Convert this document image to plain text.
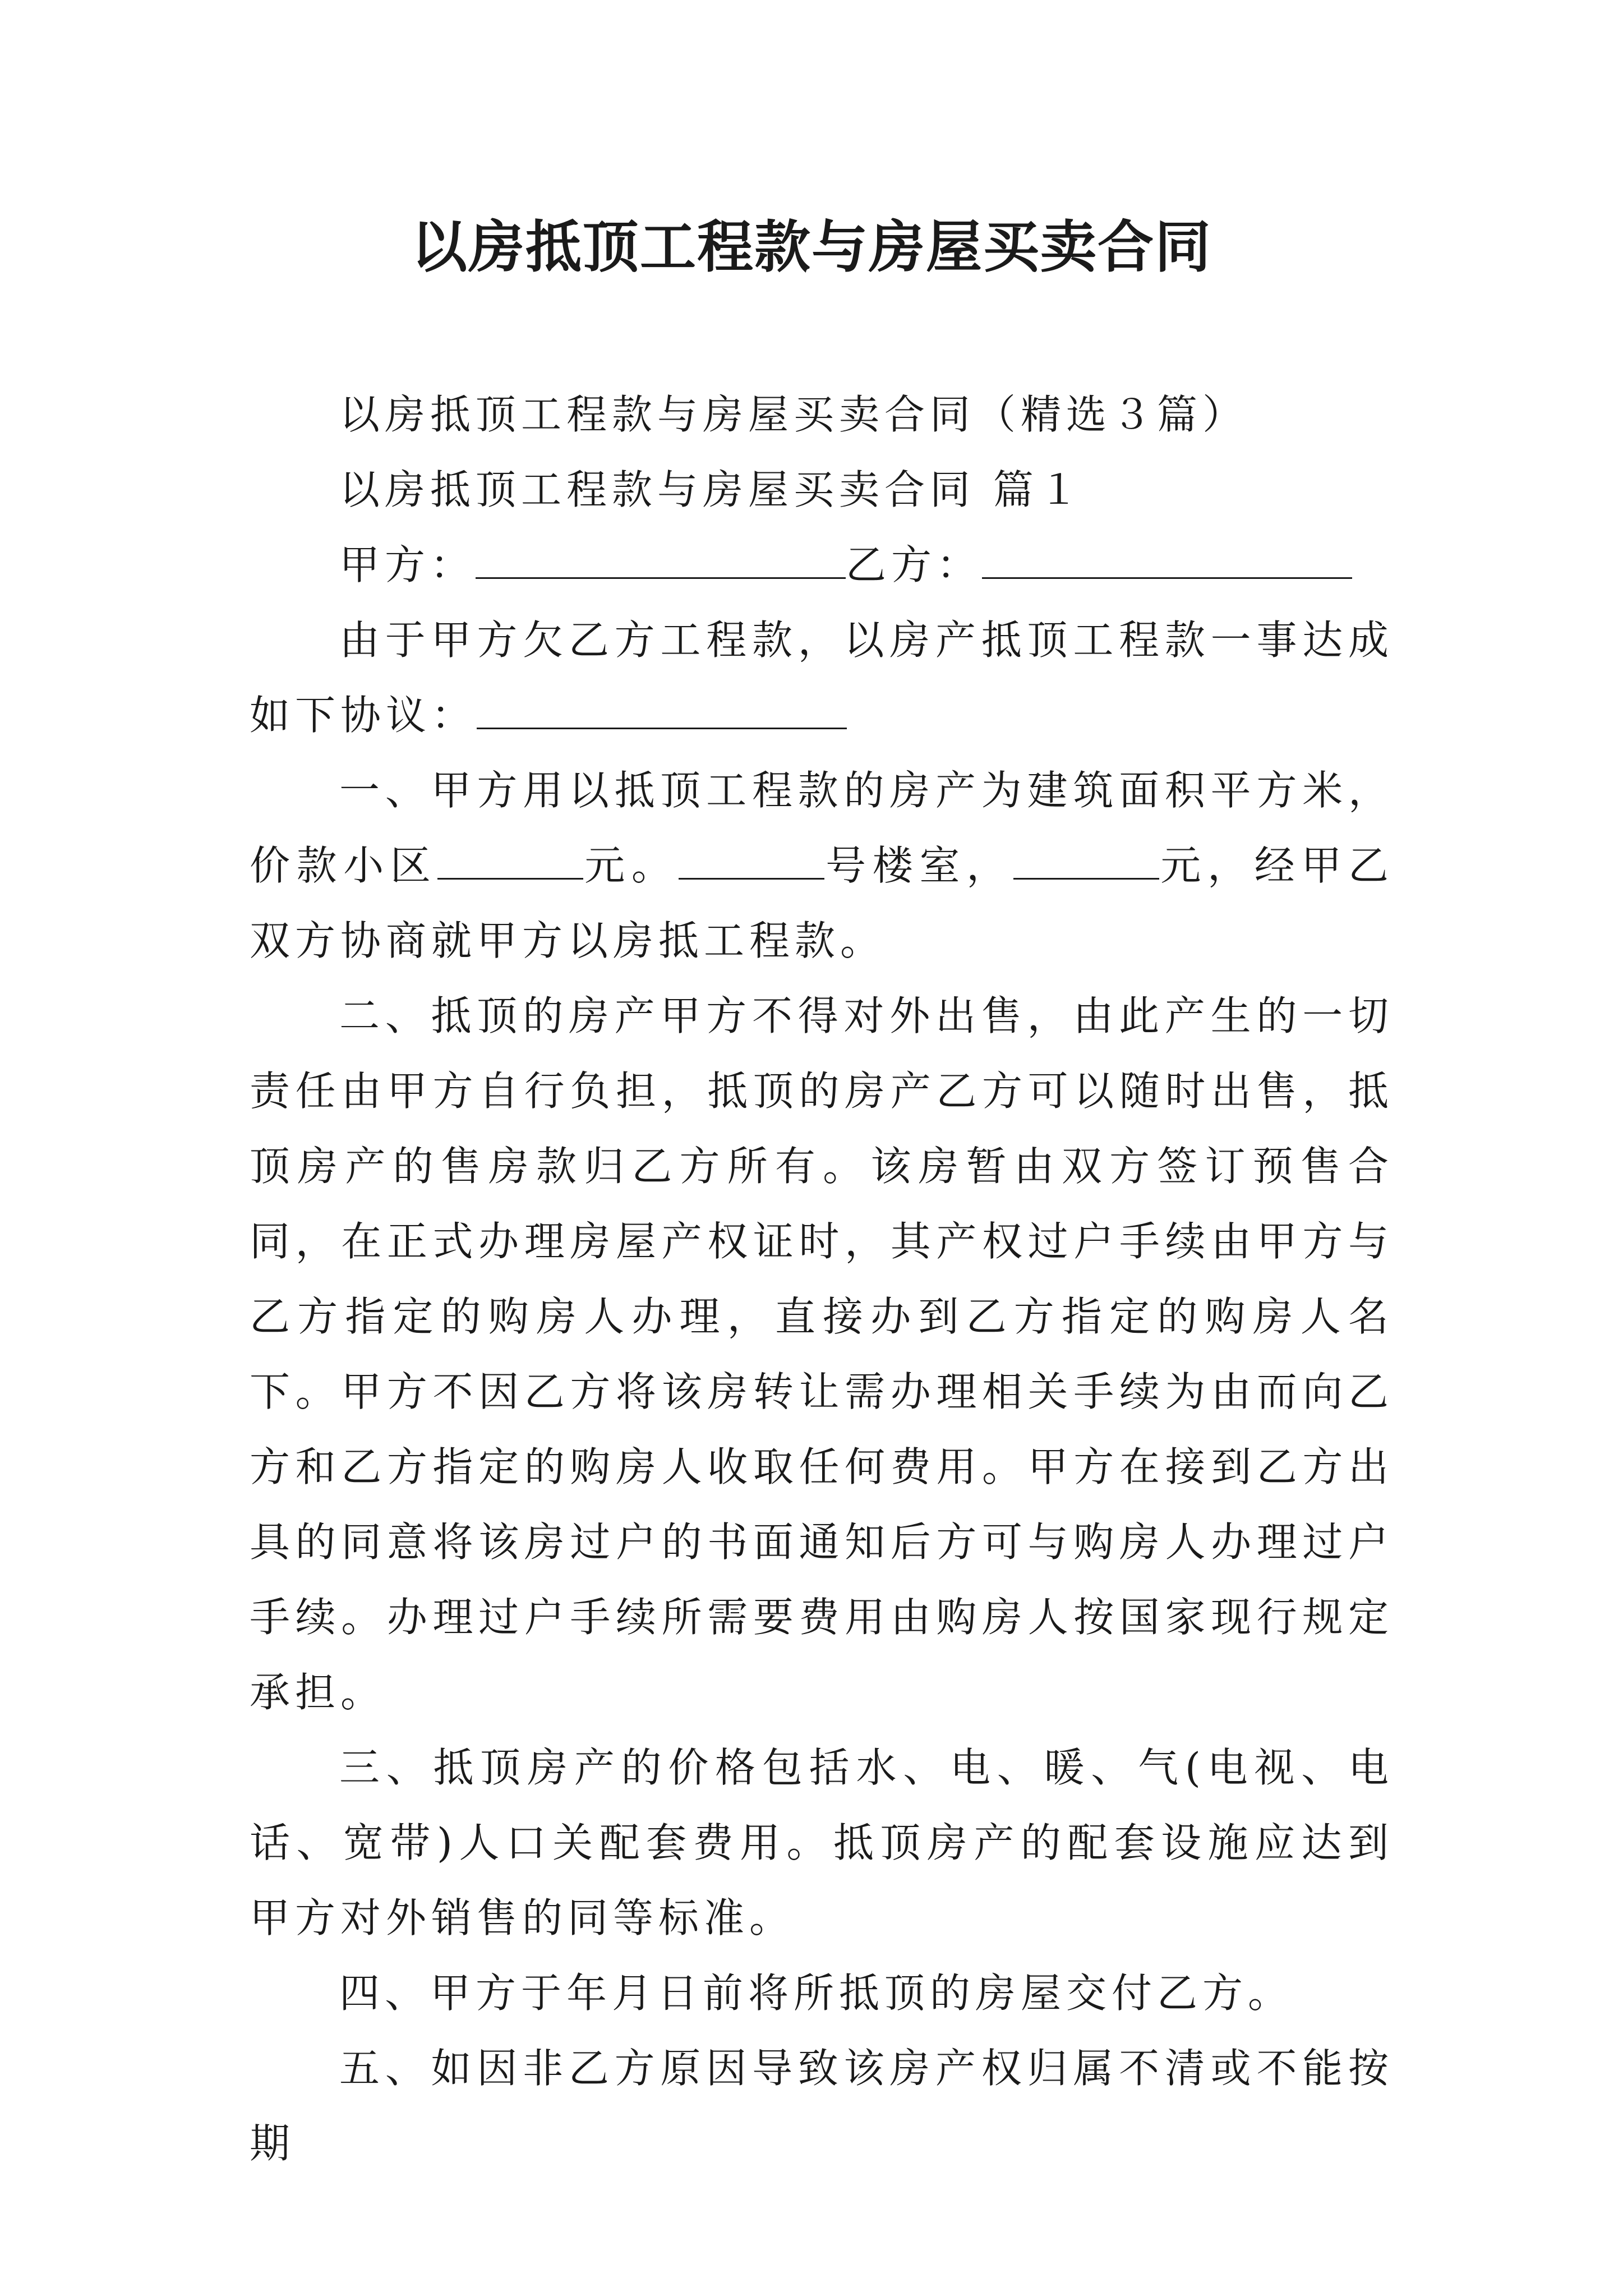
以房抵顶工程款与房屋买卖合同

以房抵顶工程款与房屋买卖合同（精选３篇）

以房抵顶工程款与房屋买卖合同 篇１

甲方：	乙方：

由于甲方欠乙方工程款，以房产抵顶工程款一事达成如下协议：

一、甲方用以抵顶工程款的房产为建筑面积平方米，价款小区	元。	号楼室，	元，经甲乙双方协商就甲方以房抵工程款。

二、抵顶的房产甲方不得对外出售，由此产生的一切责任由甲方自行负担，抵顶的房产乙方可以随时出售，抵顶房产的售房款归乙方所有。该房暂由双方签订预售合同，在正式办理房屋产权证时，其产权过户手续由甲方与乙方指定的购房人办理，直接办到乙方指定的购房人名下。甲方不因乙方将该房转让需办理相关手续为由而向乙方和乙方指定的购房人收取任何费用。甲方在接到乙方出具的同意将该房过户的书面通知后方可与购房人办理过户手续。办理过户手续所需要费用由购房人按国家现行规定承担。

三、抵顶房产的价格包括水、电、暖、气(电视、电话、宽带)人口关配套费用。抵顶房产的配套设施应达到甲方对外销售的同等标准。

四、甲方于年月日前将所抵顶的房屋交付乙方。

五、如因非乙方原因导致该房产权归属不清或不能按期
